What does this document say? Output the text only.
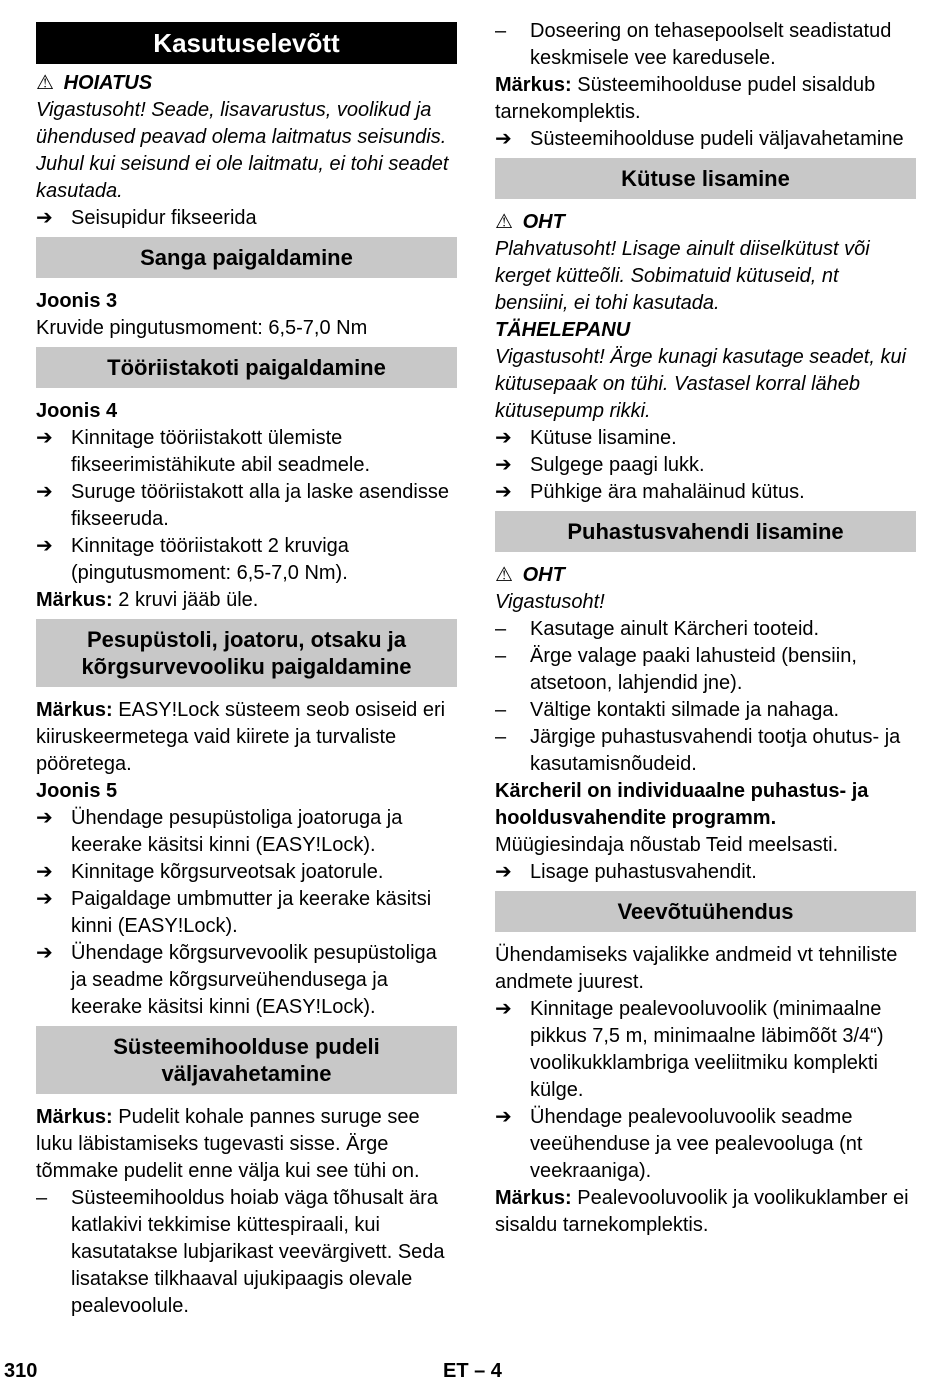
Kasutuselevõtt
⚠ HOIATUS

Vigastusoht! Seade, lisavarustus, voolikud ja ühendused peavad olema laitmatus seisundis. Juhul kui seisund ei ole laitmatu, ei tohi seadet kasutada.

➔ Seisupidur fikseerida
Sanga paigaldamine

Joonis 3

Kruvide pingutusmoment: 6,5-7,0 Nm

Tööriistakoti paigaldamine

Joonis 4

➔ Kinnitage tööriistakott ülemiste fikseerimistähikute abil seadmele.
➔ Suruge tööriistakott alla ja laske asendisse fikseeruda.
➔ Kinnitage tööriistakott 2 kruviga (pingutusmoment: 6,5-7,0 Nm).

Märkus: 2 kruvi jääb üle.

Pesupüstoli, joatoru, otsaku ja kõrgsurvevooliku paigaldamine

Märkus: EASY!Lock süsteem seob osiseid eri kiiruskeermetega vaid kiirete ja turvaliste pööretega.

Joonis 5

➔ Ühendage pesupüstoliga joatoruga ja keerake käsitsi kinni (EASY!Lock).
➔ Kinnitage kõrgsurveotsak joatorule.
➔ Paigaldage umbmutter ja keerake käsitsi kinni (EASY!Lock).
➔ Ühendage kõrgsurvevoolik pesupüstoliga ja seadme kõrgsurveühendusega ja keerake käsitsi kinni (EASY!Lock).
Süsteemihoolduse pudeli väljavahetamine

Märkus: Pudelit kohale pannes suruge see luku läbistamiseks tugevasti sisse. Ärge tõmmake pudelit enne välja kui see tühi on.

–	Süsteemihooldus hoiab väga tõhusalt ära katlakivi tekkimise küttespiraali, kui kasutatakse lubjarikast veevärgivett. Seda lisatakse tilkhaaval ujukipaagis olevale pealevoolule.
–	Doseering on tehasepoolselt seadistatud keskmisele vee karedusele.

Märkus: Süsteemihoolduse pudel sisaldub tarnekomplektis.

➔ Süsteemihoolduse pudeli väljavahetamine
Kütuse lisamine
⚠ OHT

Plahvatusoht! Lisage ainult diiselkütust või kerget kütteõli. Sobimatuid kütuseid, nt bensiini, ei tohi kasutada.

TÄHELEPANU

Vigastusoht! Ärge kunagi kasutage seadet, kui kütusepaak on tühi. Vastasel korral läheb kütusepump rikki.

➔ Kütuse lisamine.
➔ Sulgege paagi lukk.
➔ Pühkige ära mahaläinud kütus.
Puhastusvahendi lisamine
⚠ OHT

Vigastusoht!

–	Kasutage ainult Kärcheri tooteid.
–	Ärge valage paaki lahusteid (bensiin, atsetoon, lahjendid jne).
–	Vältige kontakti silmade ja nahaga.
–	Järgige puhastusvahendi tootja ohutus- ja kasutamisnõudeid.

Kärcheril on individuaalne puhastus- ja hooldusvahendite programm.

Müügiesindaja nõustab Teid meelsasti.

➔ Lisage puhastusvahendit.
Veevõtuühendus

Ühendamiseks vajalikke andmeid vt tehniliste andmete juurest.

➔ Kinnitage pealevooluvoolik (minimaalne pikkus 7,5 m, minimaalne läbimõõt 3/4“) voolikukklambriga veeliitmiku komplekti külge.
➔ Ühendage pealevooluvoolik seadme veeühenduse ja vee pealevooluga (nt veekraaniga).

Märkus: Pealevooluvoolik ja voolikuklamber ei sisaldu tarnekomplektis.

310	ET – 4
